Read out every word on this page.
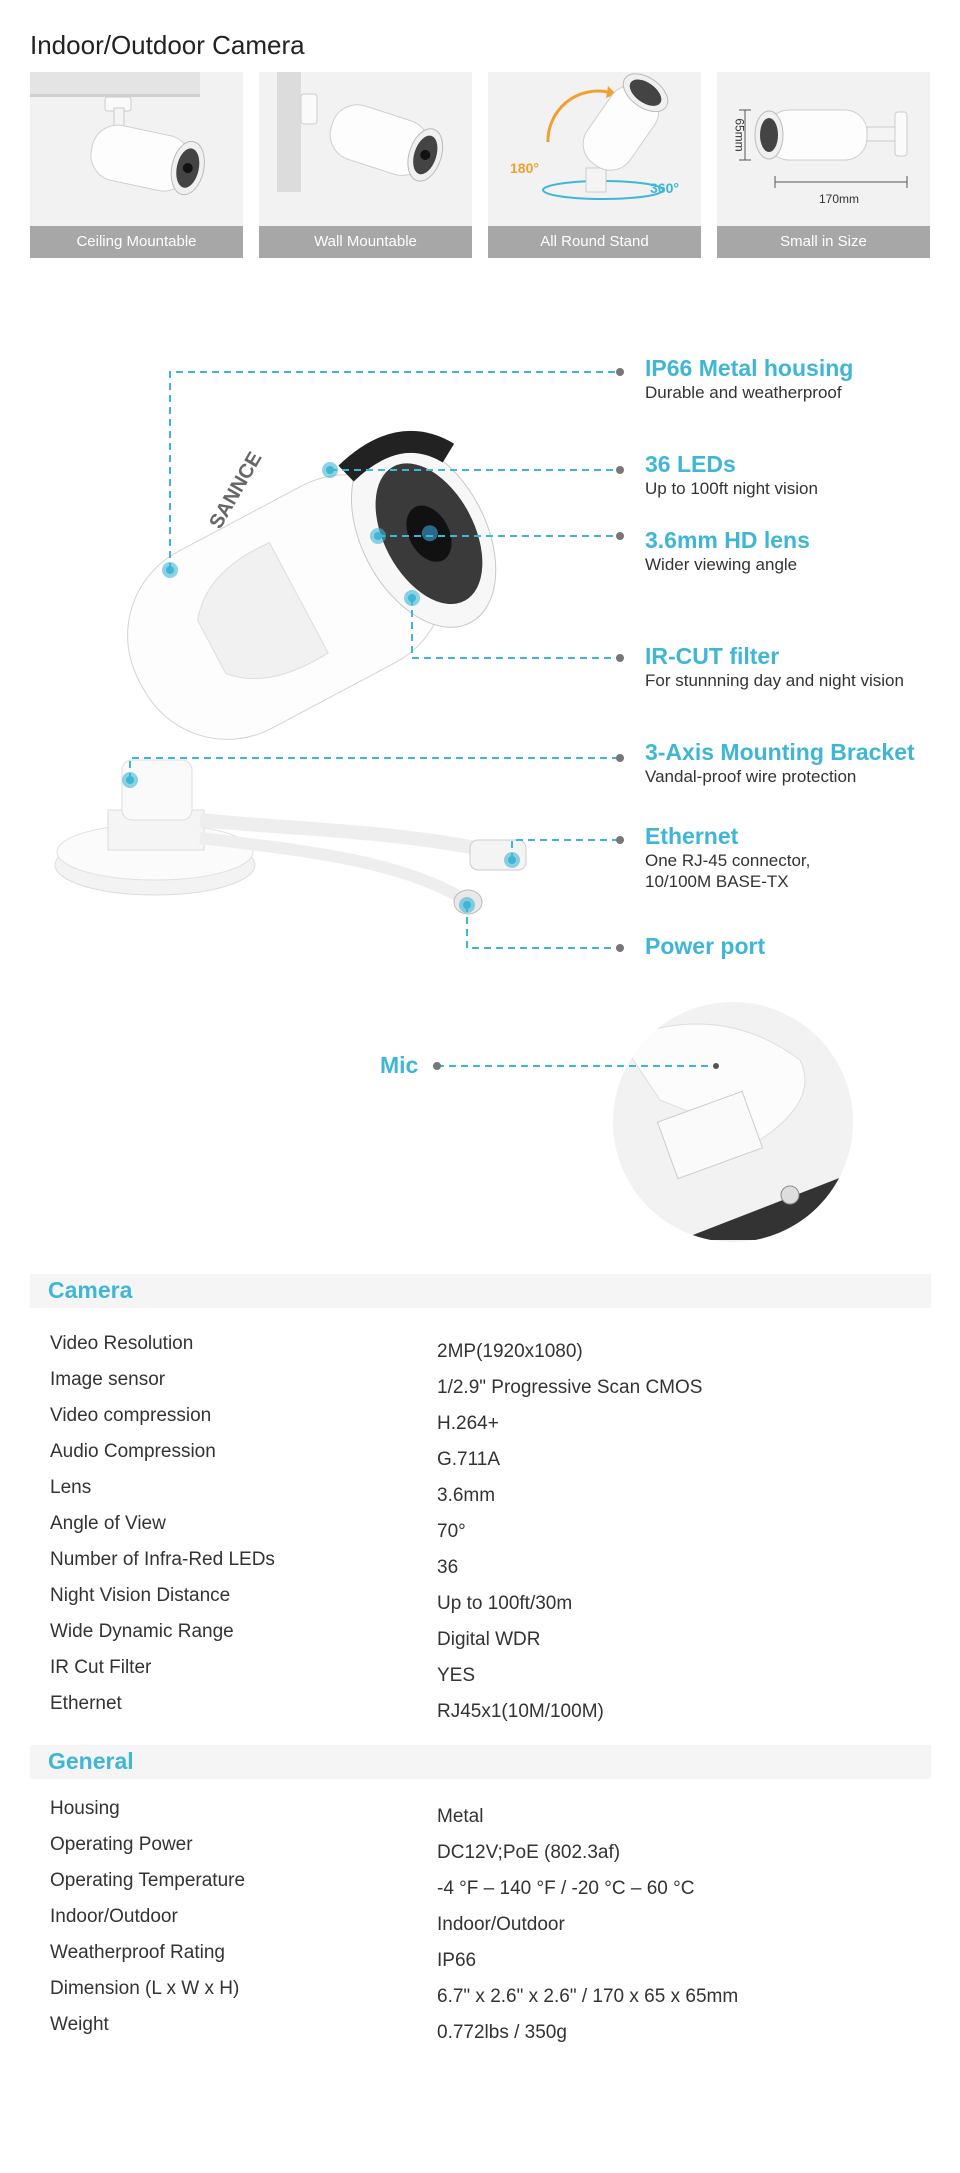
Indoor/Outdoor Camera
Ceiling Mountable	Wall Mountable
180°
360°
All Round Stand
65mm
170mm
Small in Size
SANNCE
IP66 Metal housing
Durable and weatherproof
36 LEDs
Up to 100ft night vision
3.6mm HD lens
Wider viewing angle
IR-CUT filter
For stunnning day and night vision
3-Axis Mounting Bracket
Vandal-proof wire protection
Ethernet
One RJ-45 connector,
10/100M BASE-TX
Power port
Mic
Camera
Video Resolution	2MP(1920x1080)
Image sensor	1/2.9" Progressive Scan CMOS
Video compression	H.264+
Audio Compression	G.711A
Lens	3.6mm
Angle of View	70°
Number of Infra-Red LEDs	36
Night Vision Distance	Up to 100ft/30m
Wide Dynamic Range	Digital WDR
IR Cut Filter	YES
Ethernet	RJ45x1(10M/100M)
General
Housing	Metal
Operating Power	DC12V;PoE (802.3af)
Operating Temperature	-4 °F – 140 °F / -20 °C – 60 °C
Indoor/Outdoor	Indoor/Outdoor
Weatherproof Rating	IP66
Dimension (L x W x H)	6.7" x 2.6" x 2.6" / 170 x 65 x 65mm
Weight	0.772lbs / 350g
